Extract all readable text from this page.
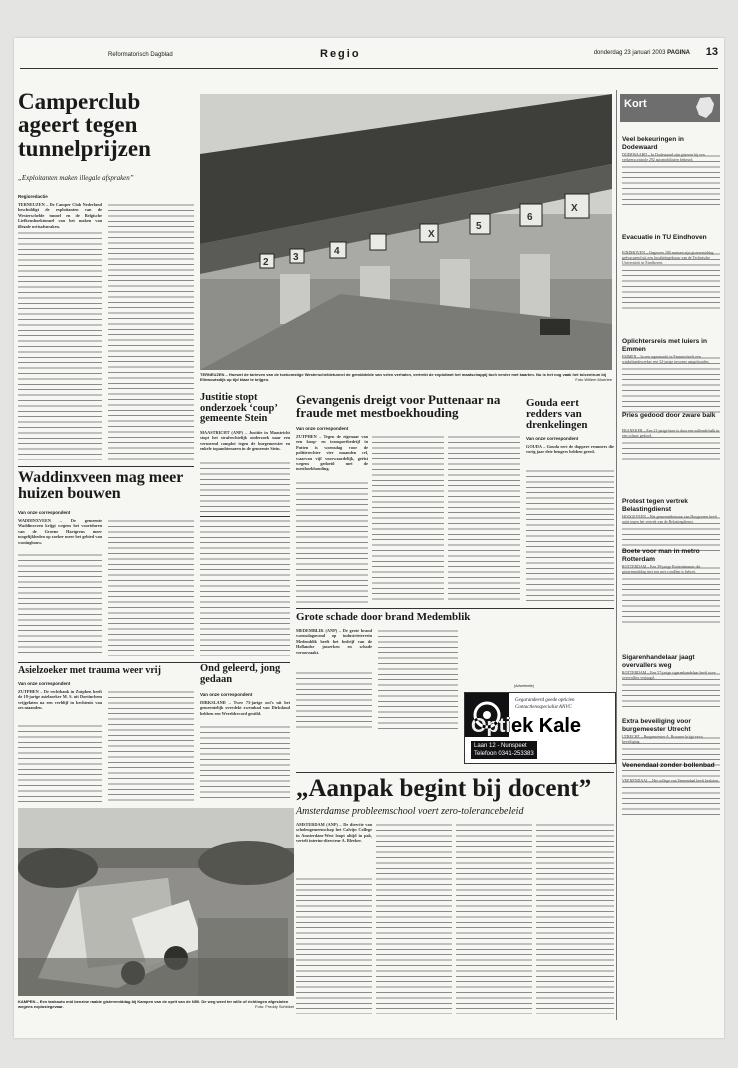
Reformatorisch Dagblad	Regio	donderdag 23 januari 2003 PAGINA 13
Camperclub ageert tegen tunnelprijzen
„Exploitanten maken illegale afspraken”
Regioredactie
TERNEUZEN – De Camper Club Nederland beschuldigt de exploitanten van de Westerschelde tunnel en de Belgische Liefkenshoektunnel van het maken van illegale prijsafspraken.
Waddinxveen mag meer huizen bouwen
Van onze correspondent
WADDINXVEEN – De gemeente Waddinxveen krijgt wegens het voortduren van de Groene Hartgrens meer mogelijkheden op zoeker meer het gebied van woningbouw.
Asielzoeker met trauma weer vrij
Van onze correspondent
ZUTPHEN – De rechtbank in Zutphen heeft de 18-jarige asielzoeker M. S. uit Doetinchem vrijgelaten na een verblijf in hechtenis van zes maanden.
KAMPEN – Een tankauto mid benzine raakte gisteremiddag bij Kampen van de oprit van de N50. De weg werd ter wille of richtingen afgesloten wegens explosiegevaar.	Foto: Freddy Schinkel
2 3
4
X
5
6
X
TERNEUZEN – Hoewel de tarieven van de toekomstige Westerscheldetunnel de gemiddelde van velen verhalen, vertrekt de exploitant het maatschappij toch verder met kaarten. Nu is het nog vaak het tolcentrum bij Ellewoutsdijk op tijd klaar te krijgen.	Foto Willem Moerlee
Justitie stopt onderzoek ‘coup’ gemeente Stein
MAASTRICHT (ANP) – Justitie in Maastricht stopt het strafrechtelijk onderzoek naar een vermeend complot tegen de burgemeester en enkele topambtenaren in de gemeente Stein.
Ond geleerd, jong gedaan
Van onze correspondent
DIRKSLAND – Twee 73-jarige ooi’s uit het gemeentelijk overdekt zwembad van Dirksland hebben een Wereldrecord gestild.
Gevangenis dreigt voor Puttenaar na fraude met mestboekhouding
Van onze correspondent
ZUTPHEN – Tegen de eigenaar van een koop- en transportbedrijf in Putten is woensdag voor de politierechter vier maanden cel, waarvan vijf voorwaardelijk, geëist wegens gedoeid met de mestboekhouding.
Gouda eert redders van drenkelingen
Van onze correspondent
GOUDA – Gouda eert de doppere reunners die vorig jaar drie hengers hebben gered.
Grote schade door brand Medemblik
MEDEMBLIK (ANP) – De grote brand woensdagavond op industrieterrein Medemblik heeft het bedrijf van de Hollandse jasserken en schade veroorzaakt.
(Advertentie)
Gegarandeerd goede opticien
Contactlensspecialist ANVC
Optiek Kale
Laan 12 - Nunspeet
Telefoon 0341-253383
„Aanpak begint bij docent”
Amsterdamse probleemschool voert zero-tolerancebeleid
AMSTERDAM (ANP) – De directie van scholengemeenschap het Calvijn College in Amsterdam-West loopt altijd in pak, vertelt interim-directeur A. Bleeker.
Kort
Veel bekeuringen in Dodewaard
DODEWAARD – In Dodewaard zijn gisteren bij een verkeerscontrole 292 automobilisten bekeurd.
Evacuatie in TU Eindhoven
EINDHOVEN – Ongeveer 200 mensen zijn gisteremiddag geëvacueerd uit een faculteitsgebouw van de Technische Universiteit in Eindhoven.
Oplichtersreis met luiers in Emmen
EMMEN – In een supermarkt in Emmen heeft een winkelmedewerker een 32-jarige inwoner aangehouden.
Pries gedood door zware balk
FRANEKER – Een 21-jarige boer is door een vallende balk in een schuur gedood.
Protest tegen vertrek Belastingdienst
HOOGEVEEN – Het gemeentebestuur van Hoogeveen heeft actie tegen het vertrek van de Belastingdienst.
Boete voor man in metro Rotterdam
ROTTERDAM – Een 39-jarige Rotterdammer die gisterenmiddag met een mes rondliep is beboet.
Sigarenhandelaar jaagt overvallers weg
ROTTERDAM – Een 57-jarige sigarenhandelaar heeft twee overvallers verjaagd.
Extra beveiliging voor burgemeester Utrecht
UTRECHT – Burgemeester A. Brouwer krijgt extra beveiliging.
Veenendaal zonder bollenbad
VEENENDAAL – Het college van Veenendaal heeft besloten.
